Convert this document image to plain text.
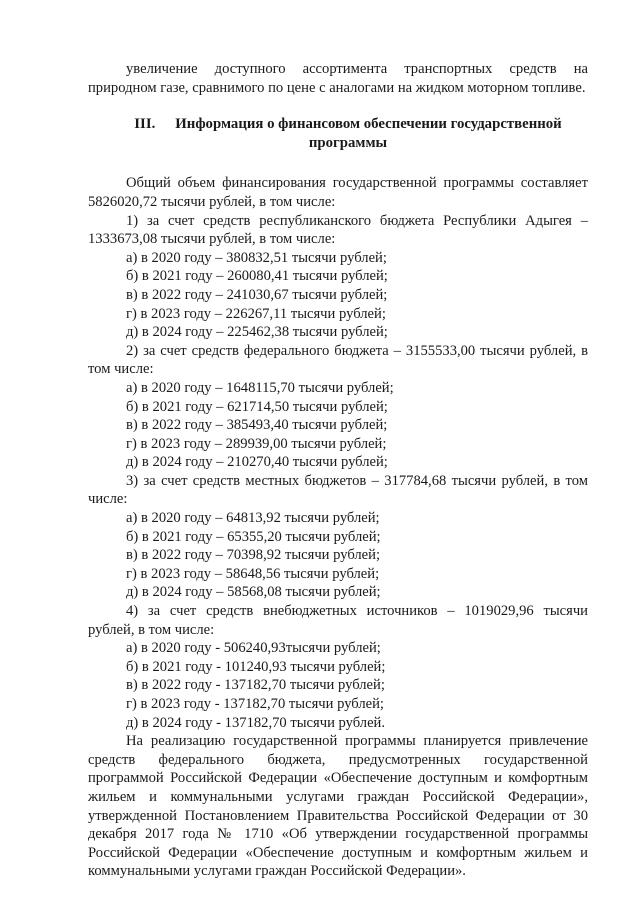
увеличение доступного ассортимента транспортных средств на природном газе, сравнимого по цене с аналогами на жидком моторном топливе.

III. Информация о финансовом обеспечении государственной программы

Общий объем финансирования государственной программы составляет 5826020,72 тысячи рублей, в том числе:

1) за счет средств республиканского бюджета Республики Адыгея – 1333673,08 тысячи рублей, в том числе:

а) в 2020 году – 380832,51 тысячи рублей;

б) в 2021 году – 260080,41 тысячи рублей;

в) в 2022 году – 241030,67 тысячи рублей;

г) в 2023 году – 226267,11 тысячи рублей;

д) в 2024 году – 225462,38 тысячи рублей;

2) за счет средств федерального бюджета – 3155533,00 тысячи рублей, в том числе:

а) в 2020 году – 1648115,70 тысячи рублей;

б) в 2021 году – 621714,50 тысячи рублей;

в) в 2022 году – 385493,40 тысячи рублей;

г) в 2023 году – 289939,00 тысячи рублей;

д) в 2024 году – 210270,40 тысячи рублей;

3) за счет средств местных бюджетов – 317784,68 тысячи рублей, в том числе:

а) в 2020 году – 64813,92 тысячи рублей;

б) в 2021 году – 65355,20 тысячи рублей;

в) в 2022 году – 70398,92 тысячи рублей;

г) в 2023 году – 58648,56 тысячи рублей;

д) в 2024 году – 58568,08 тысячи рублей;

4) за счет средств внебюджетных источников – 1019029,96 тысячи рублей, в том числе:

а) в 2020 году - 506240,93тысячи рублей;

б) в 2021 году - 101240,93 тысячи рублей;

в) в 2022 году - 137182,70 тысячи рублей;

г) в 2023 году - 137182,70 тысячи рублей;

д) в 2024 году - 137182,70 тысячи рублей.

На реализацию государственной программы планируется привлечение средств федерального бюджета, предусмотренных государственной программой Российской Федерации «Обеспечение доступным и комфортным жильем и коммунальными услугами граждан Российской Федерации», утвержденной Постановлением Правительства Российской Федерации от 30 декабря 2017 года № 1710 «Об утверждении государственной программы Российской Федерации «Обеспечение доступным и комфортным жильем и коммунальными услугами граждан Российской Федерации».
